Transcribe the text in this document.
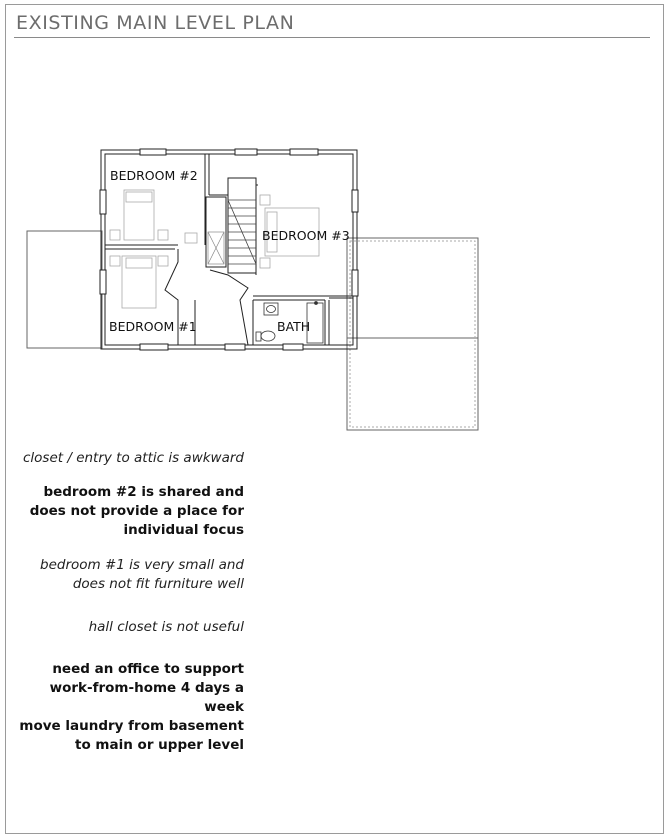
EXISTING MAIN LEVEL PLAN
BEDROOM #2
BEDROOM #3
BEDROOM #1	BATH
closet / entry to attic is awkward
bedroom #2 is shared and does not provide a place for individual focus
bedroom #1 is very small and does not fit furniture well
hall closet is not useful
need an office to support work-from-home 4 days a week
move laundry from basement to main or upper level
